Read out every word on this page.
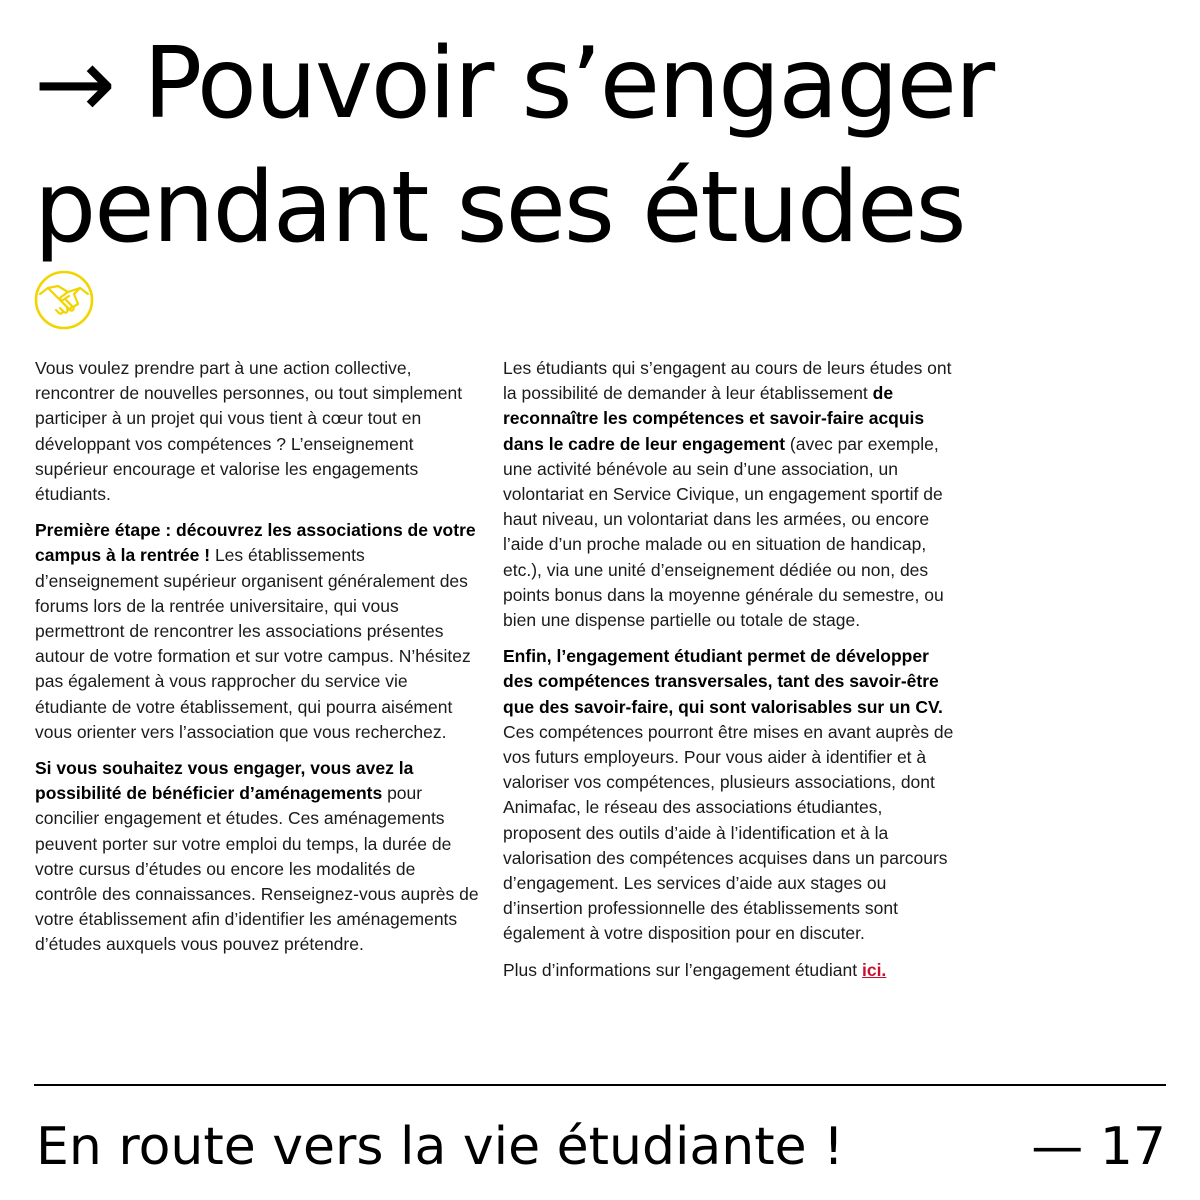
→ Pouvoir s’engager
pendant ses études

Vous voulez prendre part à une action collective, rencontrer de nouvelles personnes, ou tout simplement participer à un projet qui vous tient à cœur tout en développant vos compétences ? L’enseignement supérieur encourage et valorise les engagements étudiants.

Première étape : découvrez les associations de votre campus à la rentrée ! Les établissements d’enseignement supérieur organisent généralement des forums lors de la rentrée universitaire, qui vous permettront de rencontrer les associations présentes autour de votre formation et sur votre campus. N’hésitez pas également à vous rapprocher du service vie étudiante de votre établissement, qui pourra aisément vous orienter vers l’association que vous recherchez.

Si vous souhaitez vous engager, vous avez la possibilité de bénéficier d’aménagements pour concilier engagement et études. Ces aménagements peuvent porter sur votre emploi du temps, la durée de votre cursus d’études ou encore les modalités de contrôle des connaissances. Renseignez-vous auprès de votre établissement afin d’identifier les aménagements d’études auxquels vous pouvez prétendre.

Les étudiants qui s’engagent au cours de leurs études ont la possibilité de demander à leur établissement de reconnaître les compétences et savoir-faire acquis dans le cadre de leur engagement (avec par exemple, une activité bénévole au sein d’une association, un volontariat en Service Civique, un engagement sportif de haut niveau, un volontariat dans les armées, ou encore l’aide d’un proche malade ou en situation de handicap, etc.), via une unité d’enseignement dédiée ou non, des points bonus dans la moyenne générale du semestre, ou bien une dispense partielle ou totale de stage.

Enfin, l’engagement étudiant permet de développer des compétences transversales, tant des savoir-être que des savoir-faire, qui sont valorisables sur un CV. Ces compétences pourront être mises en avant auprès de vos futurs employeurs. Pour vous aider à identifier et à valoriser vos compétences, plusieurs associations, dont Animafac, le réseau des associations étudiantes, proposent des outils d’aide à l’identification et à la valorisation des compétences acquises dans un parcours d’engagement. Les services d’aide aux stages ou d’insertion professionnelle des établissements sont également à votre disposition pour en discuter.

Plus d’informations sur l’engagement étudiant ici.

En route vers la vie étudiante !	— 17
